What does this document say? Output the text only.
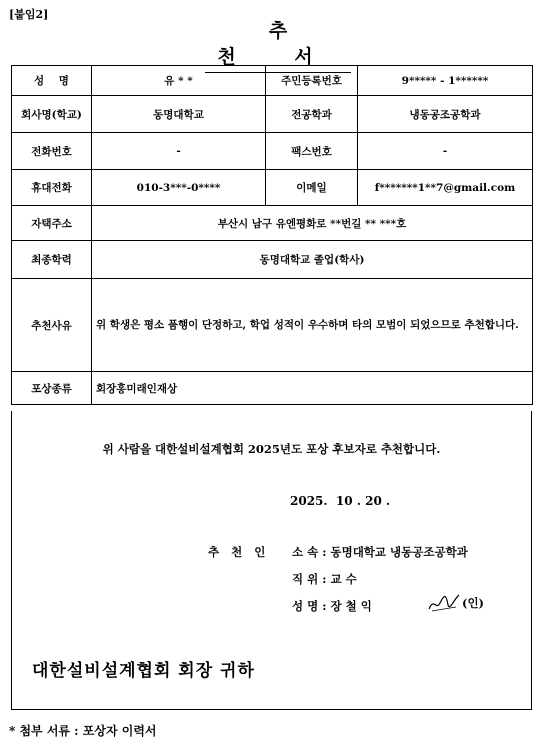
[붙임2]
추 천 서
성    명	유 * *	주민등록번호	9***** - 1******
회사명(학교)	동명대학교	전공학과	냉동공조공학과
전화번호	-	팩스번호	-
휴대전화	010-3***-0****	이메일	f*******1**7@gmail.com
자택주소	부산시 남구 유엔평화로 **번길 ** ***호		
최종학력	동명대학교 졸업(학사)		
추천사유	위 학생은 평소 품행이 단정하고, 학업 성적이 우수하며 타의 모범이 되었으므로 추천합니다.		
포상종류	회장홍미래인재상		
위 사람을 대한설비설계협회 2025년도 포상 후보자로 추천합니다.
2025.  10 . 20 .
추 천 인 소 속 : 동명대학교 냉동공조공학과
직 위 : 교 수
성 명 : 장 철 익	(인)
대한설비설계협회 회장 귀하
* 첨부 서류 : 포상자 이력서
